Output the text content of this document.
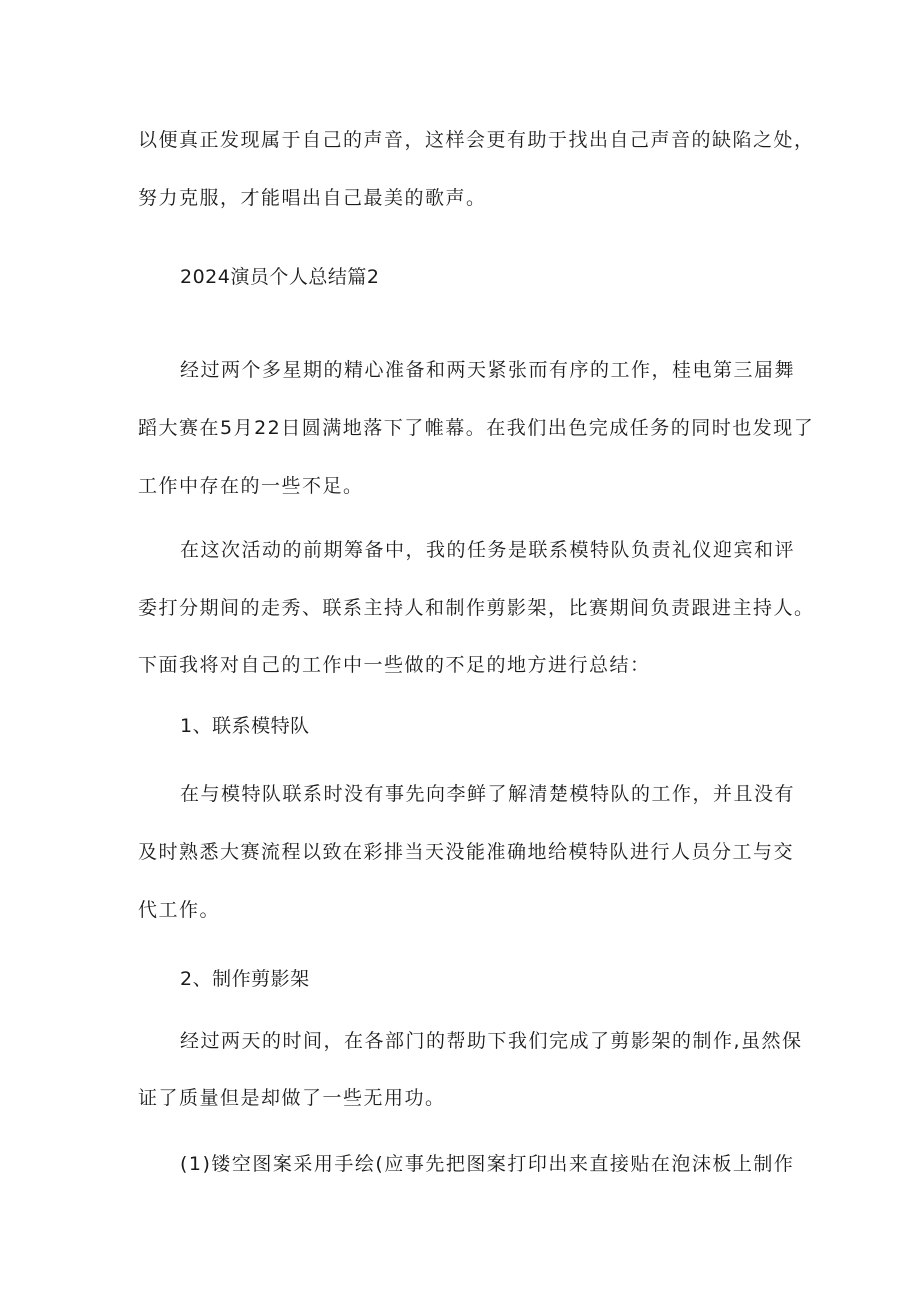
以便真正发现属于自己的声音，这样会更有助于找出自己声音的缺陷之处，
努力克服，才能唱出自己最美的歌声。
2024演员个人总结篇2
经过两个多星期的精心准备和两天紧张而有序的工作，桂电第三届舞
蹈大赛在5月22日圆满地落下了帷幕。在我们出色完成任务的同时也发现了
工作中存在的一些不足。
在这次活动的前期筹备中，我的任务是联系模特队负责礼仪迎宾和评
委打分期间的走秀、联系主持人和制作剪影架，比赛期间负责跟进主持人。
下面我将对自己的工作中一些做的不足的地方进行总结：
1、联系模特队
在与模特队联系时没有事先向李鲜了解清楚模特队的工作，并且没有
及时熟悉大赛流程以致在彩排当天没能准确地给模特队进行人员分工与交
代工作。
2、制作剪影架
经过两天的时间，在各部门的帮助下我们完成了剪影架的制作,虽然保
证了质量但是却做了一些无用功。
(1)镂空图案采用手绘(应事先把图案打印出来直接贴在泡沫板上制作
